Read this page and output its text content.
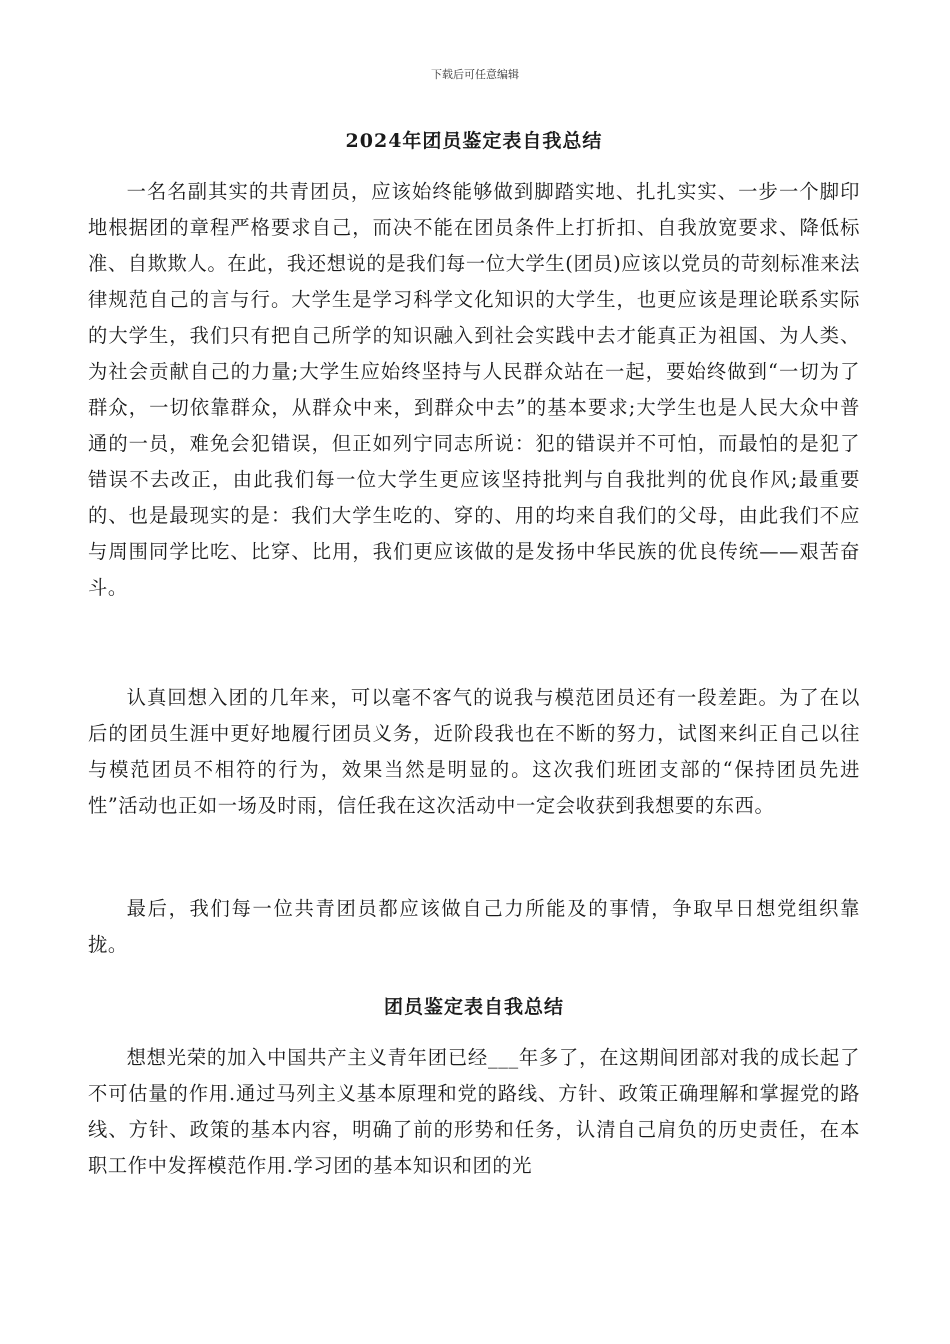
下载后可任意编辑
2024年团员鉴定表自我总结

一名名副其实的共青团员，应该始终能够做到脚踏实地、扎扎实实、一步一个脚印地根据团的章程严格要求自己，而决不能在团员条件上打折扣、自我放宽要求、降低标准、自欺欺人。在此，我还想说的是我们每一位大学生(团员)应该以党员的苛刻标准来法律规范自己的言与行。大学生是学习科学文化知识的大学生，也更应该是理论联系实际的大学生，我们只有把自己所学的知识融入到社会实践中去才能真正为祖国、为人类、为社会贡献自己的力量;大学生应始终坚持与人民群众站在一起，要始终做到“一切为了群众，一切依靠群众，从群众中来，到群众中去”的基本要求;大学生也是人民大众中普通的一员，难免会犯错误，但正如列宁同志所说：犯的错误并不可怕，而最怕的是犯了错误不去改正，由此我们每一位大学生更应该坚持批判与自我批判的优良作风;最重要的、也是最现实的是：我们大学生吃的、穿的、用的均来自我们的父母，由此我们不应与周围同学比吃、比穿、比用，我们更应该做的是发扬中华民族的优良传统——艰苦奋斗。

认真回想入团的几年来，可以毫不客气的说我与模范团员还有一段差距。为了在以后的团员生涯中更好地履行团员义务，近阶段我也在不断的努力，试图来纠正自己以往与模范团员不相符的行为，效果当然是明显的。这次我们班团支部的“保持团员先进性”活动也正如一场及时雨，信任我在这次活动中一定会收获到我想要的东西。

最后，我们每一位共青团员都应该做自己力所能及的事情，争取早日想党组织靠拢。

团员鉴定表自我总结

想想光荣的加入中国共产主义青年团已经___年多了，在这期间团部对我的成长起了不可估量的作用.通过马列主义基本原理和党的路线、方针、政策正确理解和掌握党的路线、方针、政策的基本内容，明确了前的形势和任务，认清自己肩负的历史责任，在本职工作中发挥模范作用.学习团的基本知识和团的光
